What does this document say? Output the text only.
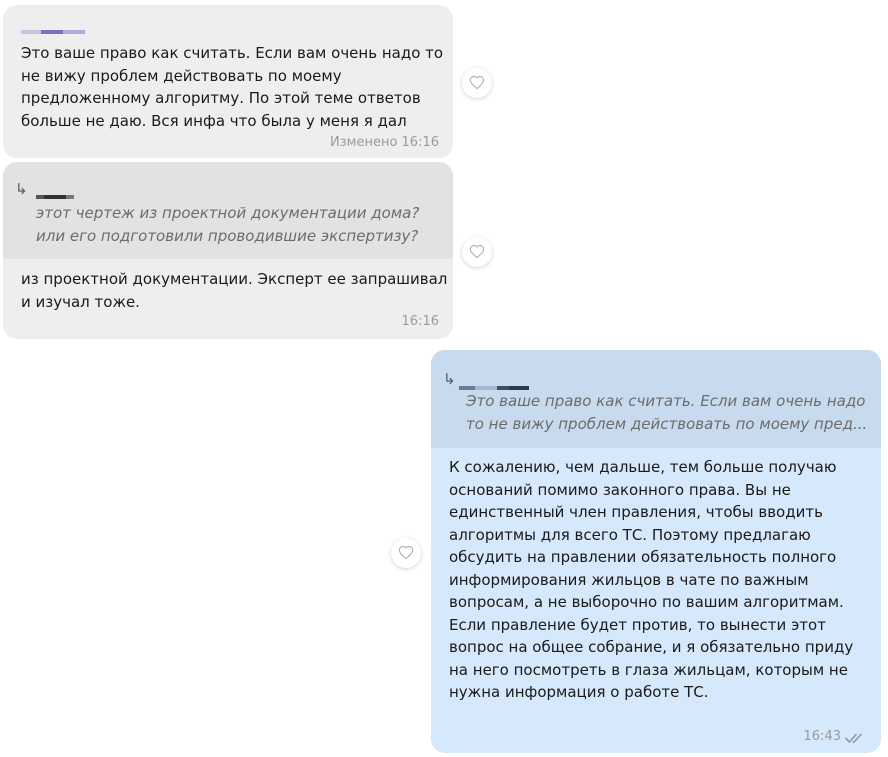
Это ваше право как считать. Если вам очень надо то не вижу проблем действовать по моему предложенному алгоритму. По этой теме ответов больше не даю. Вся инфа что была у меня я дал
Изменено 16:16
↳
этот чертеж из проектной документации дома? или его подготовили проводившие экспертизу?
из проектной документации. Эксперт ее запрашивал и изучал тоже.
16:16
↳
Это ваше право как считать. Если вам очень надо то не вижу проблем действовать по моему пред...
К сожалению, чем дальше, тем больше получаю оснований помимо законного права. Вы не единственный член правления, чтобы вводить алгоритмы для всего ТС. Поэтому предлагаю обсудить на правлении обязательность полного информирования жильцов в чате по важным вопросам, а не выборочно по вашим алгоритмам. Если правление будет против, то вынести этот вопрос на общее собрание, и я обязательно приду на него посмотреть в глаза жильцам, которым не нужна информация о работе ТС.
16:43
